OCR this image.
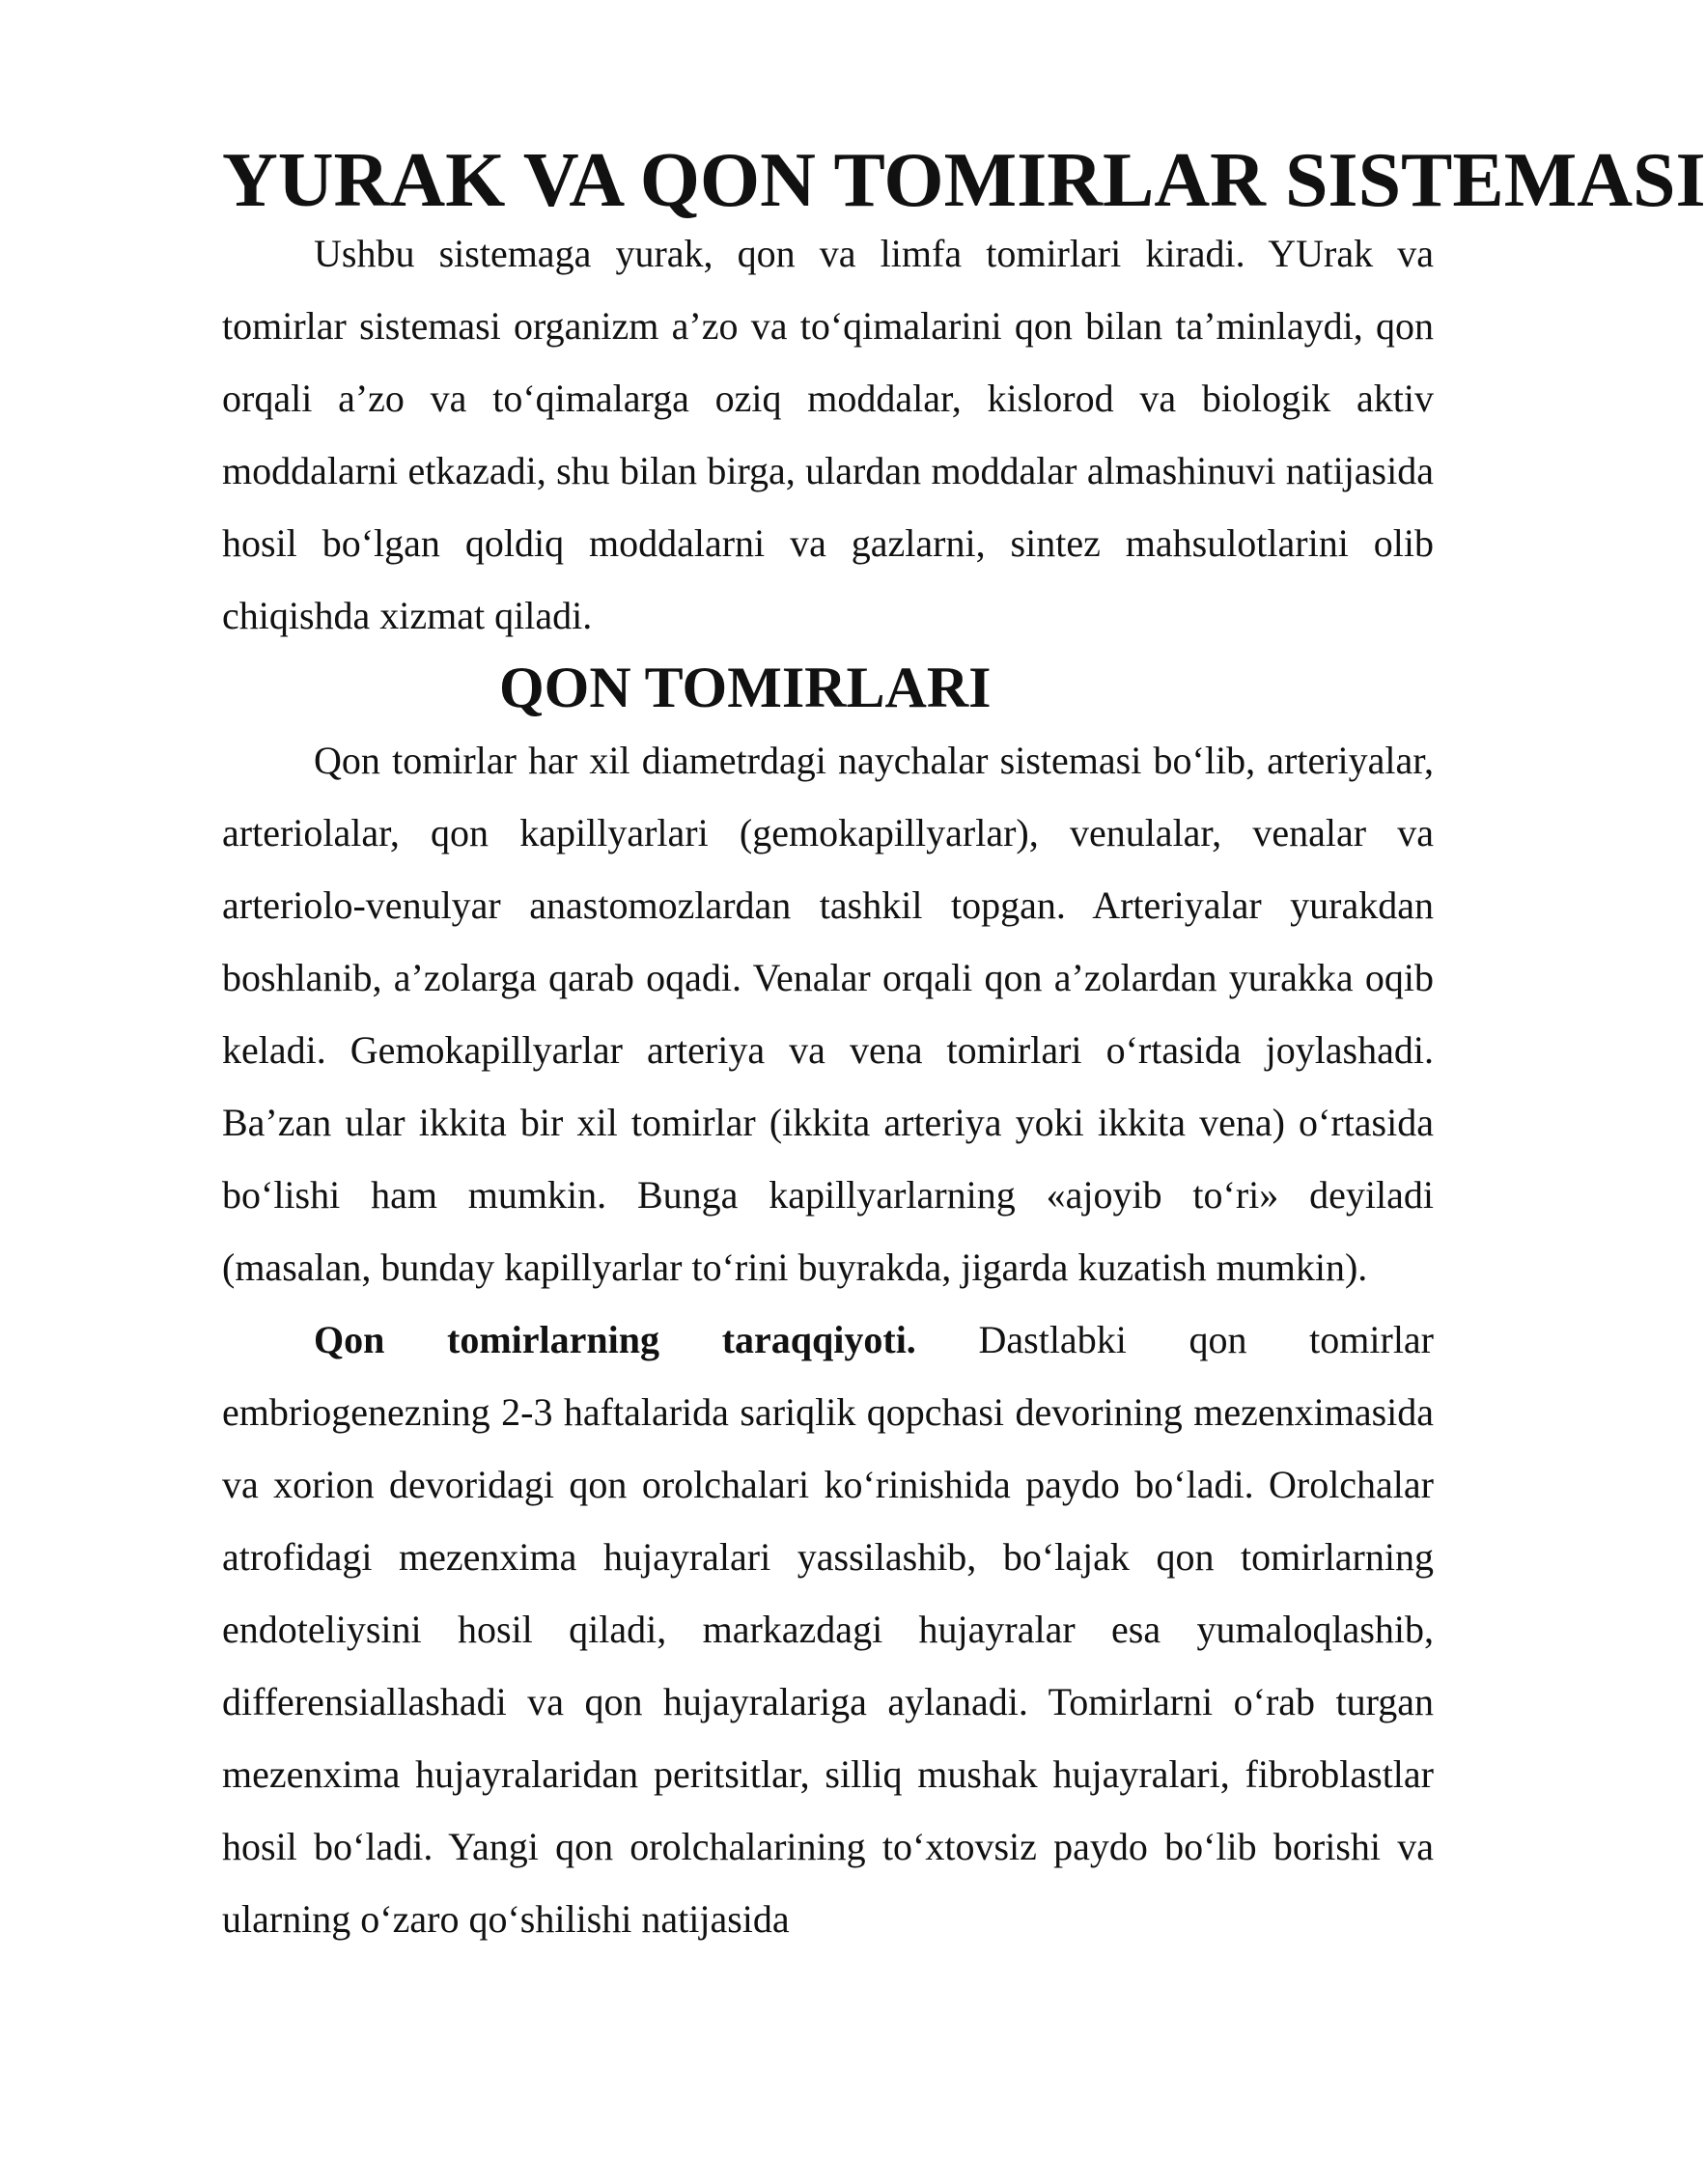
YURAK VA QON TOMIRLAR SISTEMASI

Ushbu sistemaga yurak, qon va limfa tomirlari kiradi. YUrak va tomirlar sistemasi organizm a’zo va to‘qimalarini qon bilan ta’minlaydi, qon orqali a’zo va to‘qimalarga oziq moddalar, kislorod va biologik aktiv moddalarni etkazadi, shu bilan birga, ulardan moddalar almashinuvi natijasida hosil bo‘lgan qoldiq moddalarni va gazlarni, sintez mahsulotlarini olib chiqishda xizmat qiladi.

QON TOMIRLARI

Qon tomirlar har xil diametrdagi naychalar sistemasi bo‘lib, arteriyalar, arteriolalar, qon kapillyarlari (gemokapillyarlar), venulalar, venalar va arteriolo-venulyar anastomozlardan tashkil topgan. Arteriyalar yurakdan boshlanib, a’zolarga qarab oqadi. Venalar orqali qon a’zolardan yurakka oqib keladi. Gemokapillyarlar arteriya va vena tomirlari o‘rtasida joylashadi. Ba’zan ular ikkita bir xil tomirlar (ikkita arteriya yoki ikkita vena) o‘rtasida bo‘lishi ham mumkin. Bunga kapillyarlarning «ajoyib to‘ri» deyiladi (masalan, bunday kapillyarlar to‘rini buyrakda, jigarda kuzatish mumkin).

Qon tomirlarning taraqqiyoti. Dastlabki qon tomirlar embriogenezning 2-3 haftalarida sariqlik qopchasi devorining mezenximasida va xorion devoridagi qon orolchalari ko‘rinishida paydo bo‘ladi. Orolchalar atrofidagi mezenxima hujayralari yassilashib, bo‘lajak qon tomirlarning endoteliysini hosil qiladi, markazdagi hujayralar esa yumaloqlashib, differensiallashadi va qon hujayralariga aylanadi. Tomirlarni o‘rab turgan mezenxima hujayralaridan peritsitlar, silliq mushak hujayralari, fibroblastlar hosil bo‘ladi. Yangi qon orolchalarining to‘xtovsiz paydo bo‘lib borishi va ularning o‘zaro qo‘shilishi natijasida
